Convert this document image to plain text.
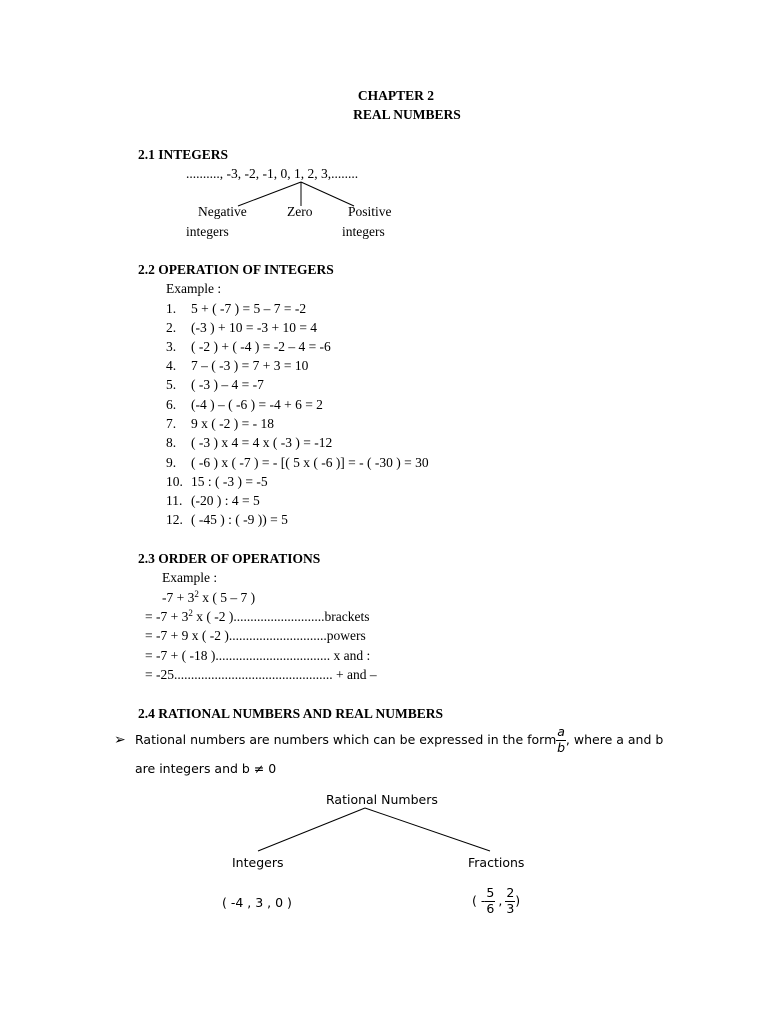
CHAPTER 2
REAL NUMBERS
2.1 INTEGERS
.........., -3, -2, -1, 0, 1, 2, 3,........
Negative
integers
Zero	Positive
integers
2.2 OPERATION OF INTEGERS
Example :
1. 5 + ( -7 ) = 5 – 7 = -2
2. (-3 ) + 10 = -3 + 10 = 4
3. ( -2 ) + ( -4 ) = -2 – 4 = -6
4. 7 – ( -3 ) = 7 + 3 = 10
5. ( -3 ) – 4 = -7
6. (-4 ) – ( -6 ) = -4 + 6 = 2
7. 9 x ( -2 ) = - 18
8. ( -3 ) x 4 = 4 x ( -3 ) = -12
9. ( -6 ) x ( -7 ) = - [( 5 x ( -6 )] = - ( -30 ) = 30
10. 15 : ( -3 ) = -5
11. (-20 ) : 4 = 5
12. ( -45 ) : ( -9 )) = 5
2.3 ORDER OF OPERATIONS
Example :
$-7 + 3^2$ x ( 5 – 7 )
= $-7 + 3^2$ x ( -2 )...........................brackets
= -7 + 9 x ( -2 ).............................powers
= -7 + ( -18 ).................................. x and :
= -25............................................... + and –
2.4 RATIONAL NUMBERS AND REAL NUMBERS
➢ Rational numbers are numbers which can be expressed in the form $\frac{a}{b}$ , where a and b
are integers and b ≠ 0
Rational Numbers
Integers	Fractions
( -4 , 3 , 0 )	( - $\frac{5}{6}$ , $\frac{2}{3}$ )
